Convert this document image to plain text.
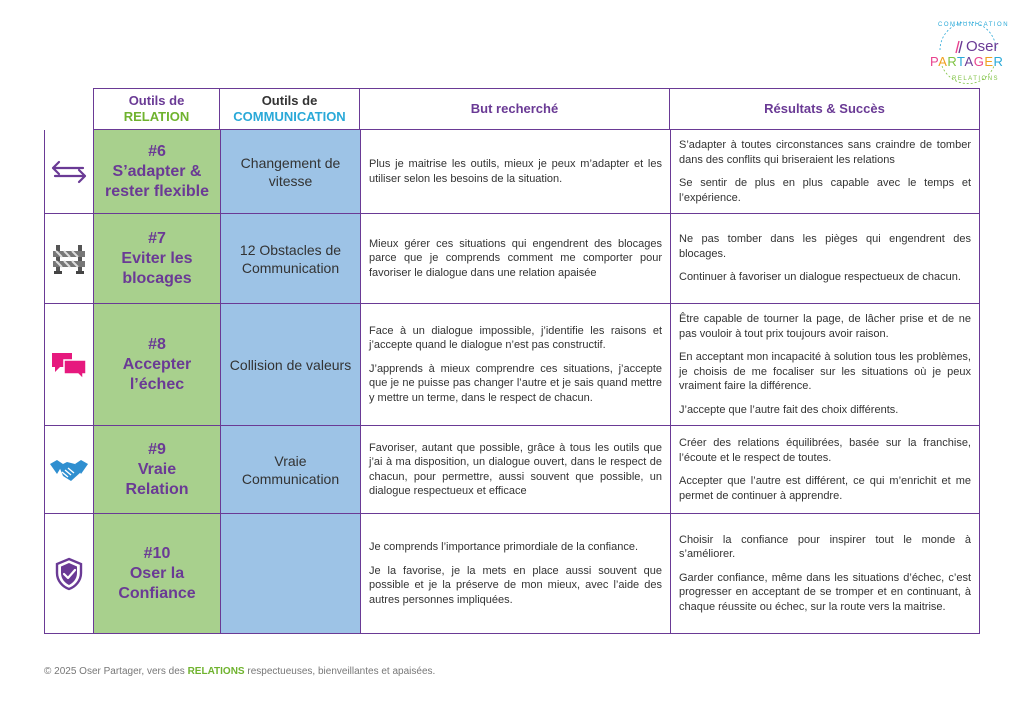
COMMUNICATION
Oser
PARTAGER
RELATIONS
Outils de
RELATION
Outils de
COMMUNICATION
But recherché	Résultats & Succès
#6
S’adapter &
rester flexible
Changement de vitesse

Plus je maitrise les outils, mieux je peux m’adapter et les utiliser selon les besoins de la situation.

S’adapter à toutes circonstances sans craindre de tomber dans des conflits qui briseraient les relations

Se sentir de plus en plus capable avec le temps et l’expérience.

#7
Eviter les
blocages
12 Obstacles de Communication

Mieux gérer ces situations qui engendrent des blocages parce que je comprends comment me comporter pour favoriser le dialogue dans une relation apaisée

Ne pas tomber dans les pièges qui engendrent des blocages.

Continuer à favoriser un dialogue respectueux de chacun.

#8
Accepter
l’échec
Collision de valeurs

Face à un dialogue impossible, j’identifie les raisons et j’accepte quand le dialogue n’est pas constructif.

J’apprends à mieux comprendre ces situations, j’accepte que je ne puisse pas changer l’autre et je sais quand mettre y mettre un terme, dans le respect de chacun.

Être capable de tourner la page, de lâcher prise et de ne pas vouloir à tout prix toujours avoir raison.

En acceptant mon incapacité à solution tous les problèmes, je choisis de me focaliser sur les situations où je peux vraiment faire la différence.

J’accepte que l’autre fait des choix différents.

#9
Vraie
Relation
Vraie Communication

Favoriser, autant que possible, grâce à tous les outils que j’ai à ma disposition, un dialogue ouvert, dans le respect de chacun, pour permettre, aussi souvent que possible, un dialogue respectueux et efficace

Créer des relations équilibrées, basée sur la franchise, l’écoute et le respect de toutes.

Accepter que l’autre est différent, ce qui m’enrichit et me permet de continuer à apprendre.

#10
Oser la
Confiance

Je comprends l’importance primordiale de la confiance.

Je la favorise, je la mets en place aussi souvent que possible et je la préserve de mon mieux, avec l’aide des autres personnes impliquées.

Choisir la confiance pour inspirer tout le monde à s’améliorer.

Garder confiance, même dans les situations d’échec, c’est progresser en acceptant de se tromper et en continuant, à chaque réussite ou échec, sur la route vers la maitrise.

© 2025 Oser Partager, vers des RELATIONS respectueuses, bienveillantes et apaisées.
